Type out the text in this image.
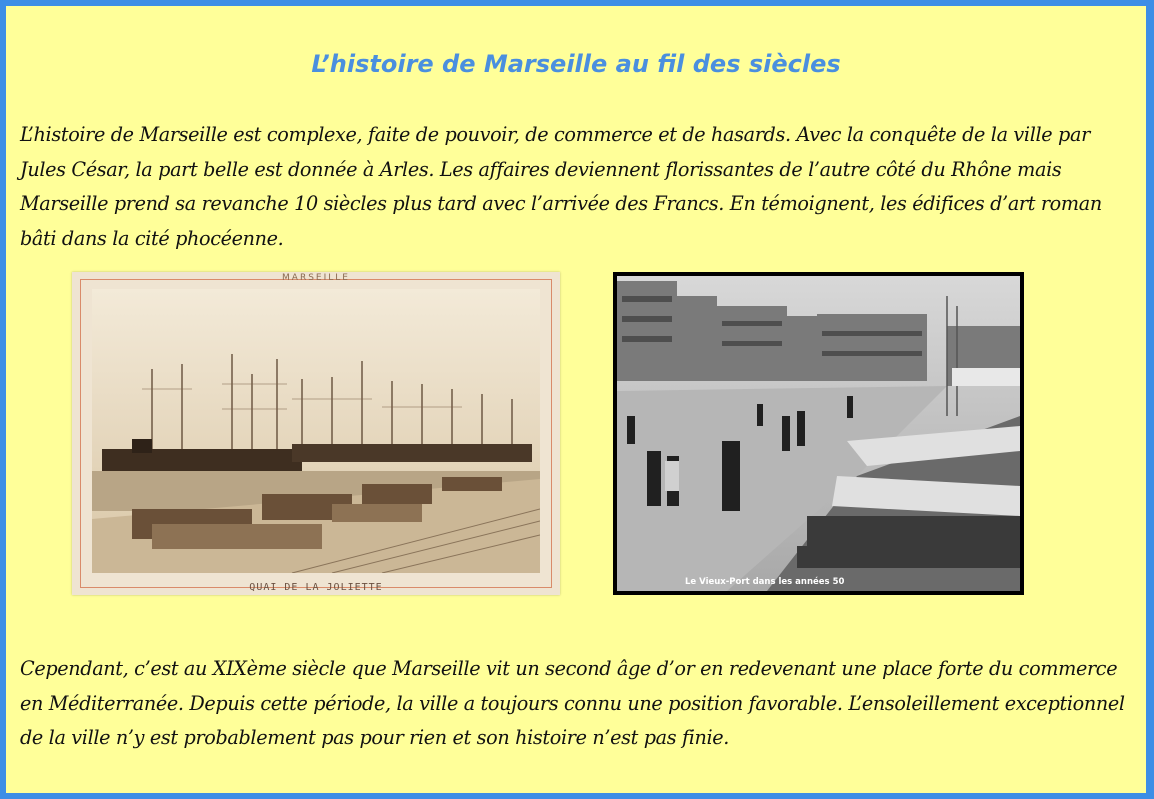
L’histoire de Marseille au fil des siècles

L’histoire de Marseille est complexe, faite de pouvoir, de commerce et de hasards. Avec la conquête de la ville par Jules César, la part belle est donnée à Arles. Les affaires deviennent florissantes de l’autre côté du Rhône mais Marseille prend sa revanche 10 siècles plus tard avec l’arrivée des Francs. En témoignent, les édifices d’art roman bâti dans la cité phocéenne.

MARSEILLE
QUAI DE LA JOLIETTE	Le Vieux-Port dans les années 50

Cependant, c’est au XIXème siècle que Marseille vit un second âge d’or en redevenant une place forte du commerce en Méditerranée. Depuis cette période, la ville a toujours connu une position favorable. L’ensoleillement exceptionnel de la ville n’y est probablement pas pour rien et son histoire n’est pas finie.
